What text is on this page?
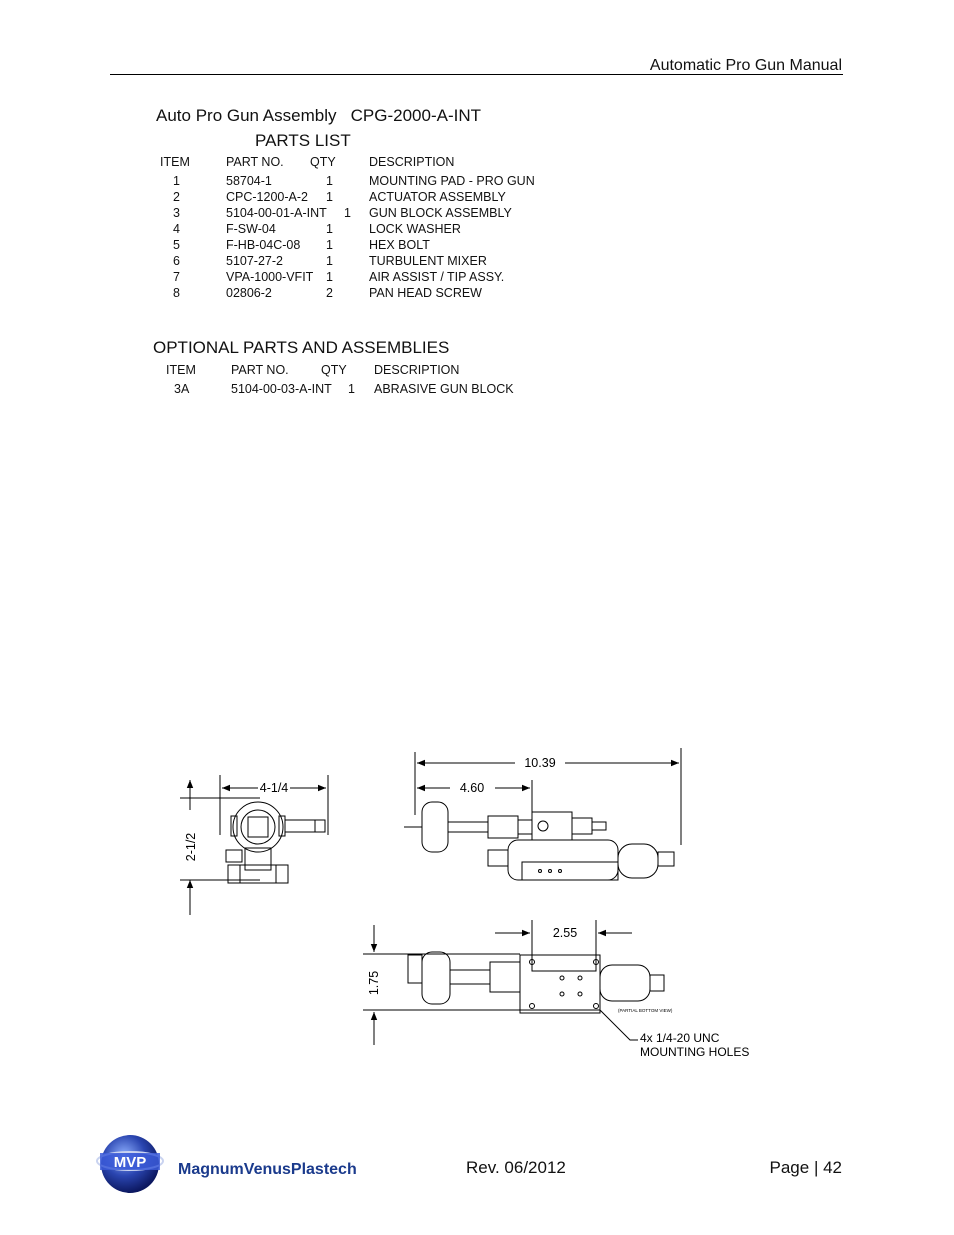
Automatic Pro Gun Manual
Auto Pro Gun Assembly   CPG-2000-A-INT
PARTS LIST
ITEM	PART NO. QTY	DESCRIPTION
1	58704-1	1	MOUNTING PAD - PRO GUN
2	CPC-1200-A-2 1	ACTUATOR ASSEMBLY
3	5104-00-01-A-INT 1 GUN BLOCK ASSEMBLY
4	F-SW-04	1	LOCK WASHER
5	F-HB-04C-08 1	HEX BOLT
6	5107-27-2	1	TURBULENT MIXER
7	VPA-1000-VFIT 1	AIR ASSIST / TIP ASSY.
8	02806-2	2	PAN HEAD SCREW
OPTIONAL PARTS AND ASSEMBLIES
ITEM	PART NO.	QTY DESCRIPTION
3A	5104-00-03-A-INT 1 ABRASIVE GUN BLOCK
4-1/4
2-1/2
10.39
4.60
2.55
1.75
(PARTIAL BOTTOM VIEW)
4x 1/4-20 UNC
MOUNTING HOLES
MVP MagnumVenusPlastech	Rev. 06/2012	Page | 42
